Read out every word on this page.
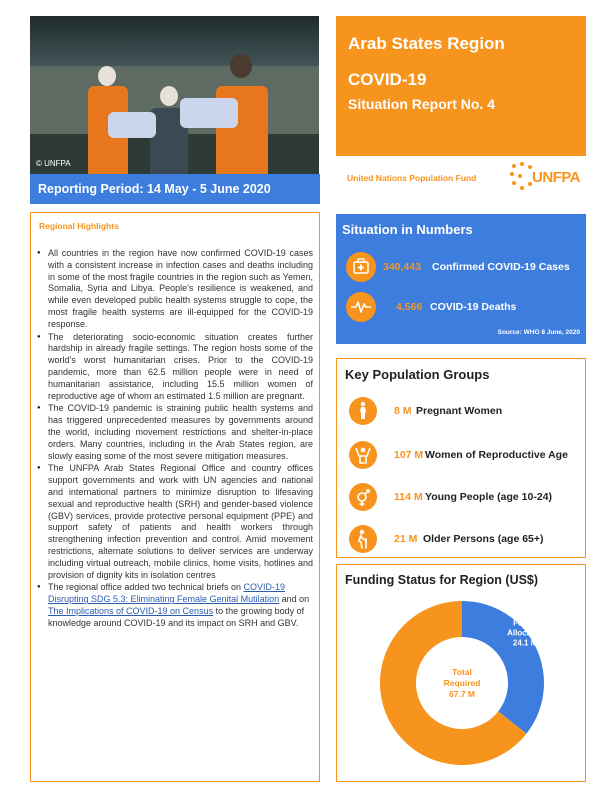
© UNFPA
Arab States Region
COVID-19
Situation Report No. 4
United Nations Population Fund	UNFPA
Reporting Period: 14 May - 5 June 2020
Regional Highlights
● All countries in the region have now confirmed COVID-19 cases with a consistent increase in infection cases and deaths including in some of the most fragile countries in the region such as Yemen, Somalia, Syria and Libya. People’s resilience is weakened, and while even developed public health systems struggle to cope, the most fragile health systems are ill-equipped for the COVID-19 response.
● The deteriorating socio-economic situation creates further hardship in already fragile settings. The region hosts some of the world’s worst humanitarian crises. Prior to the COVID-19 pandemic, more than 62.5 million people were in need of humanitarian assistance, including 15.5 million women of reproductive age of whom an estimated 1.5 million are pregnant.
● The COVID-19 pandemic is straining public health systems and has triggered unprecedented measures by governments around the world, including movement restrictions and shelter-in-place orders. Many countries, including in the Arab States region, are slowly easing some of the most severe mitigation measures.
● The UNFPA Arab States Regional Office and country offices support governments and work with UN agencies and national and international partners to minimize disruption to lifesaving sexual and reproductive health (SRH) and gender-based violence (GBV) services, provide protective personal equipment (PPE) and support safety of patients and health workers through strengthening infection prevention and control. Amid movement restrictions, alternate solutions to deliver services are underway including virtual outreach, mobile clinics, home visits, hotlines and provision of dignity kits in isolation centres
● The regional office added two technical briefs on COVID-19 Disrupting SDG 5.3: Eliminating Female Genital Mutilation and on The Implications of COVID-19 on Census to the growing body of knowledge around COVID-19 and its impact on SRH and GBV.
Situation in Numbers
340,443 Confirmed COVID-19 Cases
4,566 COVID-19 Deaths
Source: WHO 8 June, 2020
Key Population Groups
8 M Pregnant Women
107 M Women of Reproductive Age
114 M Young People (age 10-24)
21 M Older Persons (age 65+)
Funding Status for Region (US$)
Funds
Allocated
24.1 M
Funding
Gap
43.6 M
Total
Required
67.7 M
